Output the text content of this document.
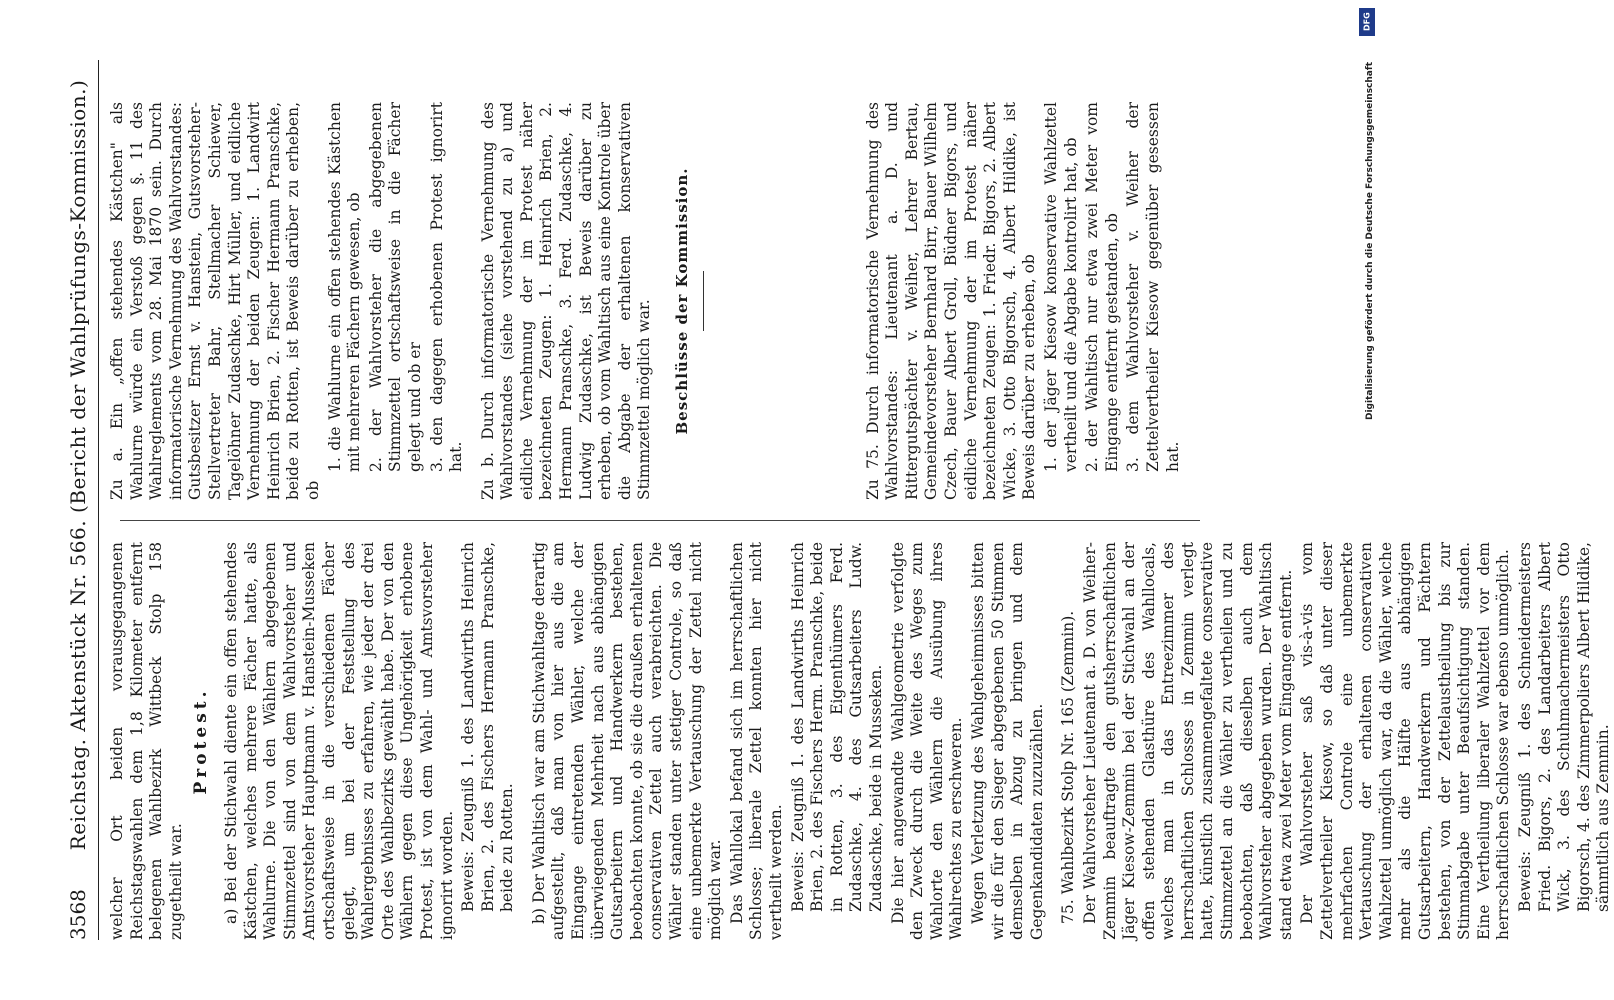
3568
Reichstag. Aktenstück Nr. 566. (Bericht der Wahlprüfungs-Kommission.) welcher Ort beiden vorausgegangenen Reichstagswahlen dem 1,8 Kilometer entfernt belegenen Wahlbezirk Wittbeck Stolp 158 zugetheilt war.

Protest. a) Bei der Stichwahl diente ein offen stehendes Kästchen, welches mehrere Fächer hatte, als Wahlurne. Die von den Wählern abgegebenen Stimmzettel sind von dem Wahlvorsteher und Amtsvorsteher Hauptmann v. Hanstein-Musseken ortschaftsweise in die verschiedenen Fächer gelegt, um bei der Feststellung des Wahlergebnisses zu erfahren, wie jeder der drei Orte des Wahlbezirks gewählt habe. Der von den Wählern gegen diese Ungehörigkeit erhobene Protest, ist von dem Wahl- und Amtsvorsteher ignorirt worden. Beweis: Zeugniß 1. des Landwirths Heinrich Brien, 2. des Fischers Hermann Pranschke, beide zu Rotten. b) Der Wahltisch war am Stichwahltage derartig aufgestellt, daß man von hier aus die am Eingange eintretenden Wähler, welche der überwiegenden Mehrheit nach aus abhängigen Gutsarbeitern und Handwerkern bestehen, beobachten konnte, ob sie die draußen erhaltenen conservativen Zettel auch verabreichten. Die Wähler standen unter stetiger Controle, so daß eine unbemerkte Vertauschung der Zettel nicht möglich war. Das Wahllokal befand sich im herrschaftlichen Schlosse; liberale Zettel konnten hier nicht vertheilt werden. Beweis: Zeugniß 1. des Landwirths Heinrich Brien, 2. des Fischers Herm. Pranschke, beide in Rotten, 3. des Eigenthümers Ferd. Zudaschke, 4. des Gutsarbeiters Ludw. Zudaschke, beide in Musseken. Die hier angewandte Wahlgeometrie verfolgte den Zweck durch die Weite des Weges zum Wahlorte den Wählern die Ausübung ihres Wahlrechtes zu erschweren. Wegen Verletzung des Wahlgeheimnisses bitten wir die für den Sieger abgegebenen 50 Stimmen demselben in Abzug zu bringen und dem Gegenkandidaten zuzuzählen. 75. Wahlbezirk Stolp Nr. 165 (Zemmin). Der Wahlvorsteher Lieutenant a. D. von Weiher-Zemmin beauftragte den gutsherrschaftlichen Jäger Kiesow-Zemmin bei der Stichwahl an der offen stehenden Glasthüre des Wahllocals, welches man in das Entreezimmer des herrschaftlichen Schlosses in Zemmin verlegt hatte, künstlich zusammengefaltete conservative Stimmzettel an die Wähler zu vertheilen und zu beobachten, daß dieselben auch dem Wahlvorsteher abgegeben wurden. Der Wahltisch stand etwa zwei Meter vom Eingange entfernt. Der Wahlvorsteher saß vis-à-vis vom Zettelvertheiler Kiesow, so daß unter dieser mehrfachen Controle eine unbemerkte Vertauschung der erhaltenen conservativen Wahlzettel unmöglich war, da die Wähler, welche mehr als die Hälfte aus abhängigen Gutsarbeitern, Handwerkern und Pächtern bestehen, von der Zettelaustheilung bis zur Stimmabgabe unter Beaufsichtigung standen. Eine Vertheilung liberaler Wahlzettel vor dem herrschaftlichen Schlosse war ebenso unmöglich. Beweis: Zeugniß 1. des Schneidermeisters Fried. Bigors, 2. des Landarbeiters Albert Wick, 3. des Schuhmachermeisters Otto Bigorsch, 4. des Zimmerpoliers Albert Hildike, sämmtlich aus Zemmin.

Zu a. Ein „offen stehendes Kästchen" als Wahlurne würde ein Verstoß gegen §. 11 des Wahlreglements vom 28. Mai 1870 sein. Durch informatorische Vernehmung des Wahlvorstandes: Gutsbesitzer Ernst v. Hanstein, Gutsvorsteher-Stellvertreter Bahr, Stellmacher Schiewer, Tagelöhner Zudaschke, Hirt Müller, und eidliche Vernehmung der beiden Zeugen: 1. Landwirt Heinrich Brien, 2. Fischer Hermann Pranschke, beide zu Rotten, ist Beweis darüber zu erheben, ob

1. die Wahlurne ein offen stehendes Kästchen mit mehreren Fächern gewesen, ob 2. der Wahlvorsteher die abgegebenen Stimmzettel ortschaftsweise in die Fächer gelegt und ob er 3. den dagegen erhobenen Protest ignorirt hat. Zu b. Durch informatorische Vernehmung des Wahlvorstandes (siehe vorstehend zu a) und eidliche Vernehmung der im Protest näher bezeichneten Zeugen: 1. Heinrich Brien, 2. Hermann Pranschke, 3. Ferd. Zudaschke, 4. Ludwig Zudaschke, ist Beweis darüber zu erheben, ob vom Wahltisch aus eine Kontrole über die Abgabe der erhaltenen konservativen Stimmzettel möglich war. Beschlüsse der Kommission.	Zu 75. Durch informatorische Vernehmung des Wahlvorstandes: Lieutenant a. D. und Rittergutspächter v. Weiher, Lehrer Bertau, Gemeindevorsteher Bernhard Birr, Bauer Wilhelm Czech, Bauer Albert Groll, Büdner Bigors, und eidliche Vernehmung der im Protest näher bezeichneten Zeugen: 1. Friedr. Bigors, 2. Albert Wicke, 3. Otto Bigorsch, 4. Albert Hildike, ist Beweis darüber zu erheben, ob 1. der Jäger Kiesow konservative Wahlzettel vertheilt und die Abgabe kontrolirt hat, ob 2. der Wahltisch nur etwa zwei Meter vom Eingange entfernt gestanden, ob 3. dem Wahlvorsteher v. Weiher der Zettelvertheiler Kiesow gegenüber gesessen hat.

DFG
Digitalisierung gefördert durch die Deutsche Forschungsgemeinschaft
